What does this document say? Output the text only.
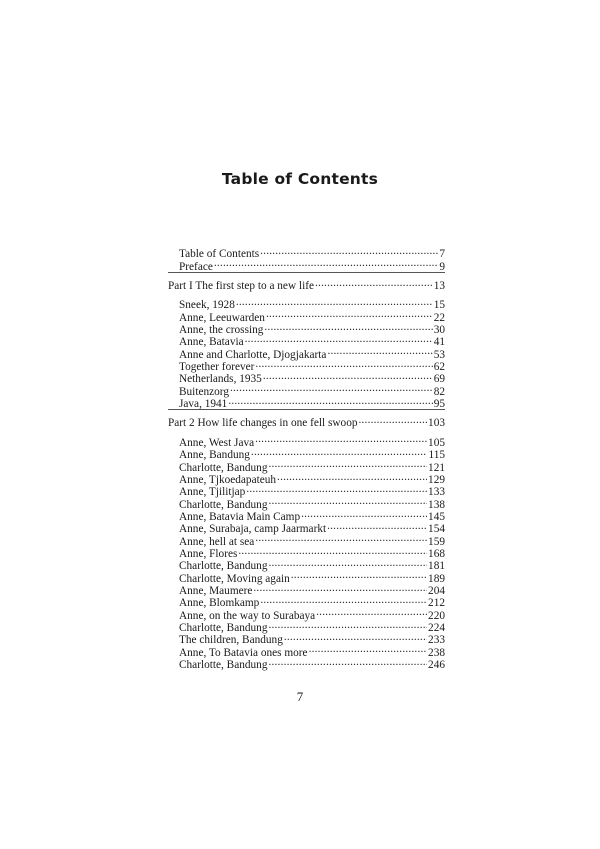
Table of Contents
Table of Contents .....	7
Preface .....	9
Part I The first step to a new life .....	13
Sneek, 1928 .....	15
Anne, Leeuwarden .....	22
Anne, the crossing .....	30
Anne, Batavia .....	41
Anne and Charlotte, Djogjakarta .....	53
Together forever .....	62
Netherlands, 1935 .....	69
Buitenzorg .....	82
Java, 1941 .....	95
Part 2 How life changes in one fell swoop .....	103
Anne, West Java .....	105
Anne, Bandung .....	115
Charlotte, Bandung .....	121
Anne, Tjkoedapateuh .....	129
Anne, Tjilitjap .....	133
Charlotte, Bandung .....	138
Anne, Batavia Main Camp .....	145
Anne, Surabaja, camp Jaarmarkt .....	154
Anne, hell at sea .....	159
Anne, Flores .....	168
Charlotte, Bandung .....	181
Charlotte, Moving again .....	189
Anne, Maumere .....	204
Anne, Blomkamp .....	212
Anne, on the way to Surabaya .....	220
Charlotte, Bandung .....	224
The children, Bandung .....	233
Anne, To Batavia ones more .....	238
Charlotte, Bandung .....	246
7
